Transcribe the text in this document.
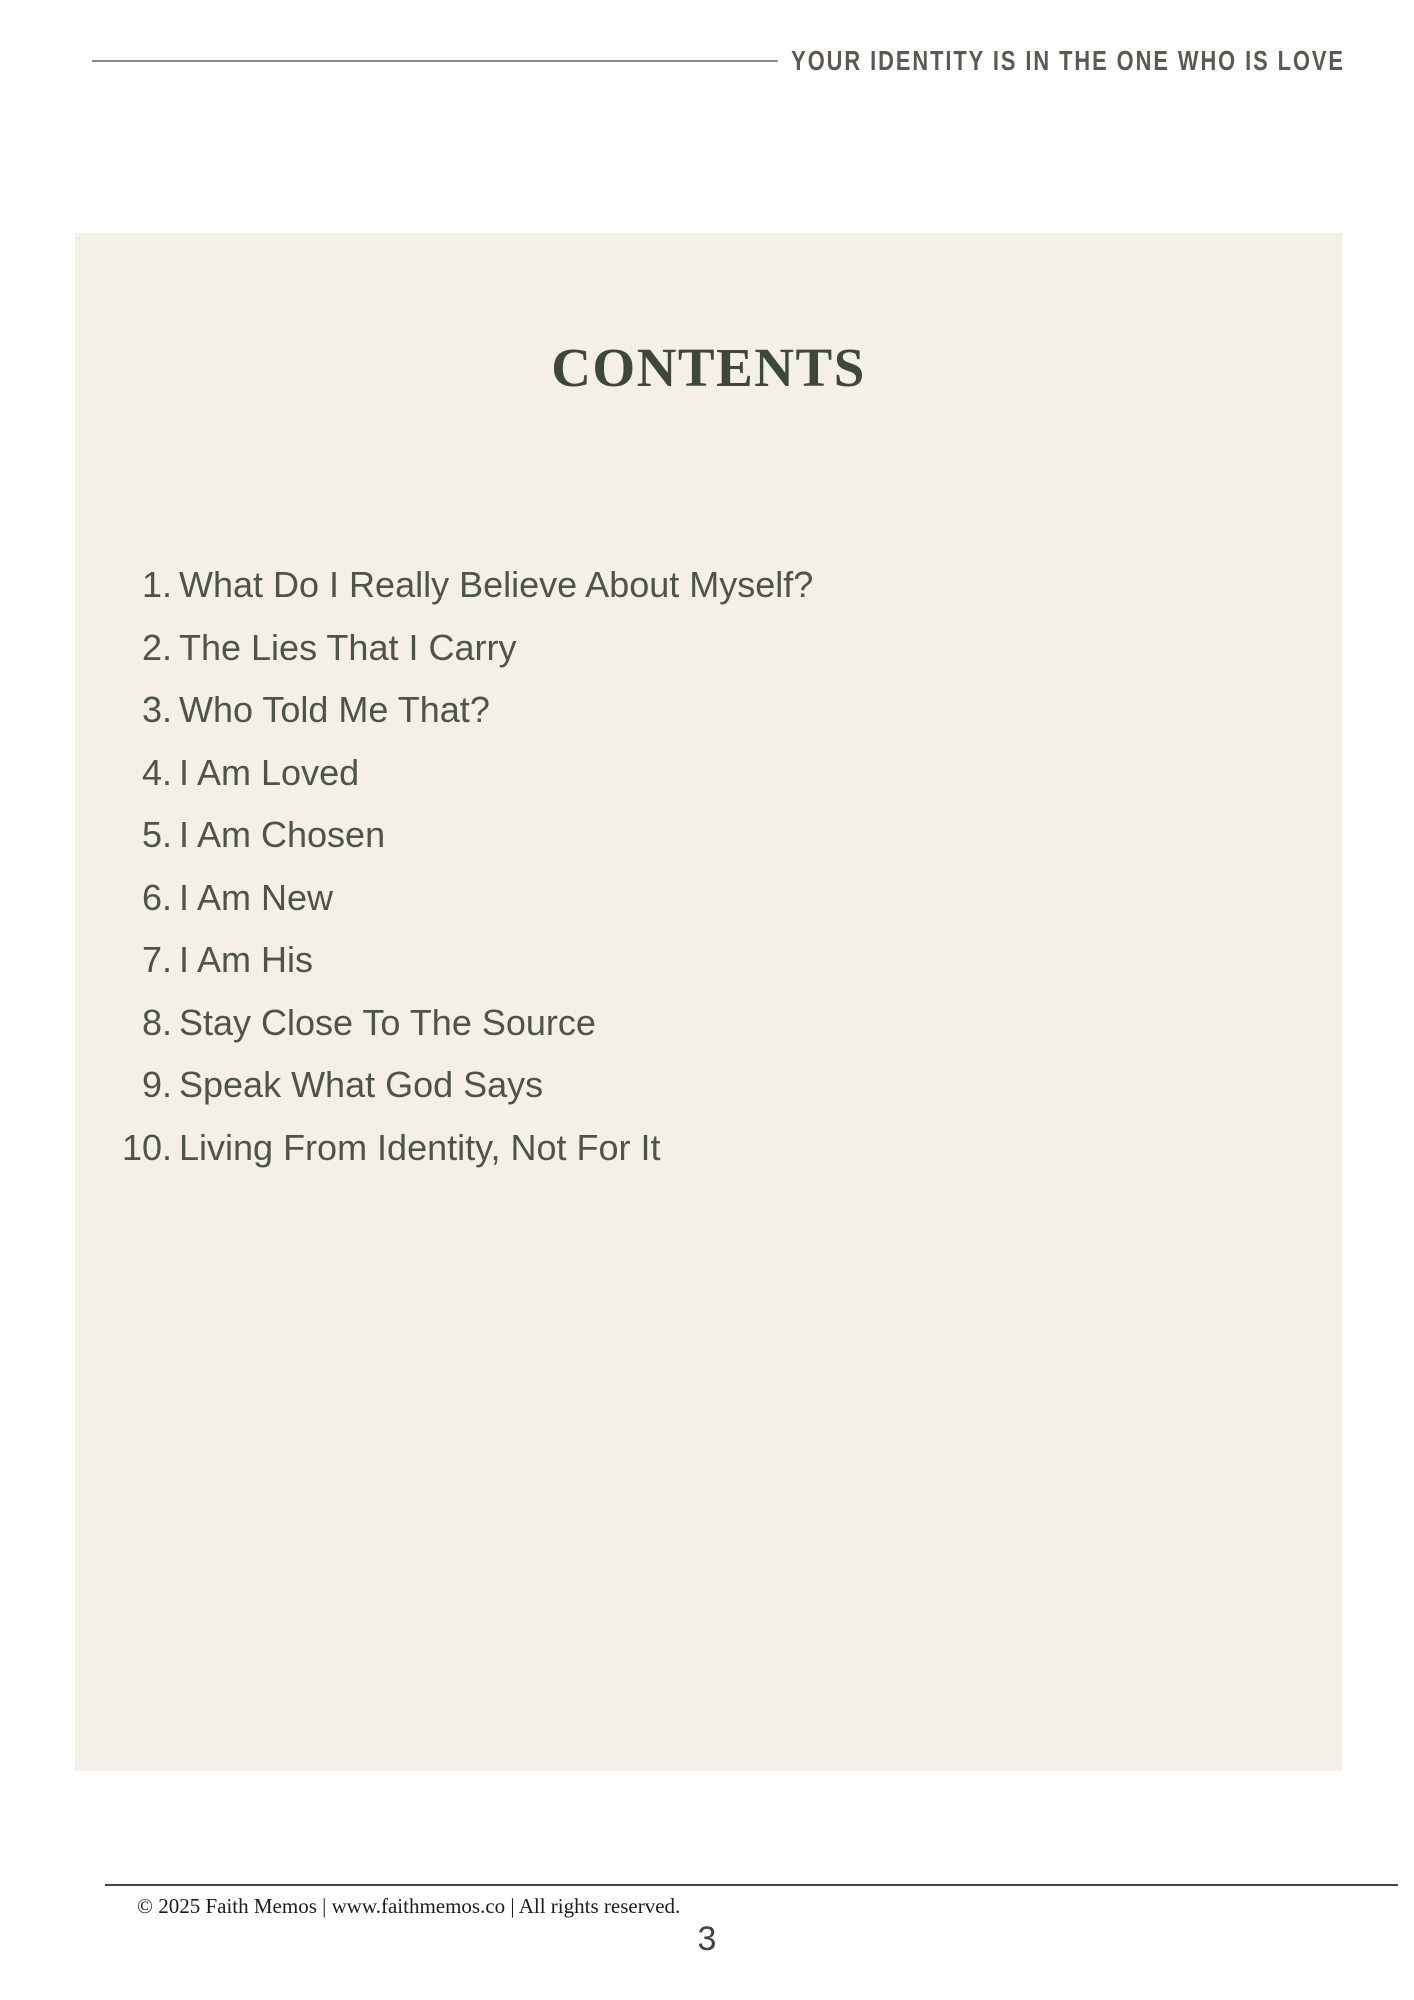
YOUR IDENTITY IS IN THE ONE WHO IS LOVE
CONTENTS
1. What Do I Really Believe About Myself?
2. The Lies That I Carry
3. Who Told Me That?
4. I Am Loved
5. I Am Chosen
6. I Am New
7. I Am His
8. Stay Close To The Source
9. Speak What God Says
10. Living From Identity, Not For It
© 2025 Faith Memos | www.faithmemos.co | All rights reserved.
3
